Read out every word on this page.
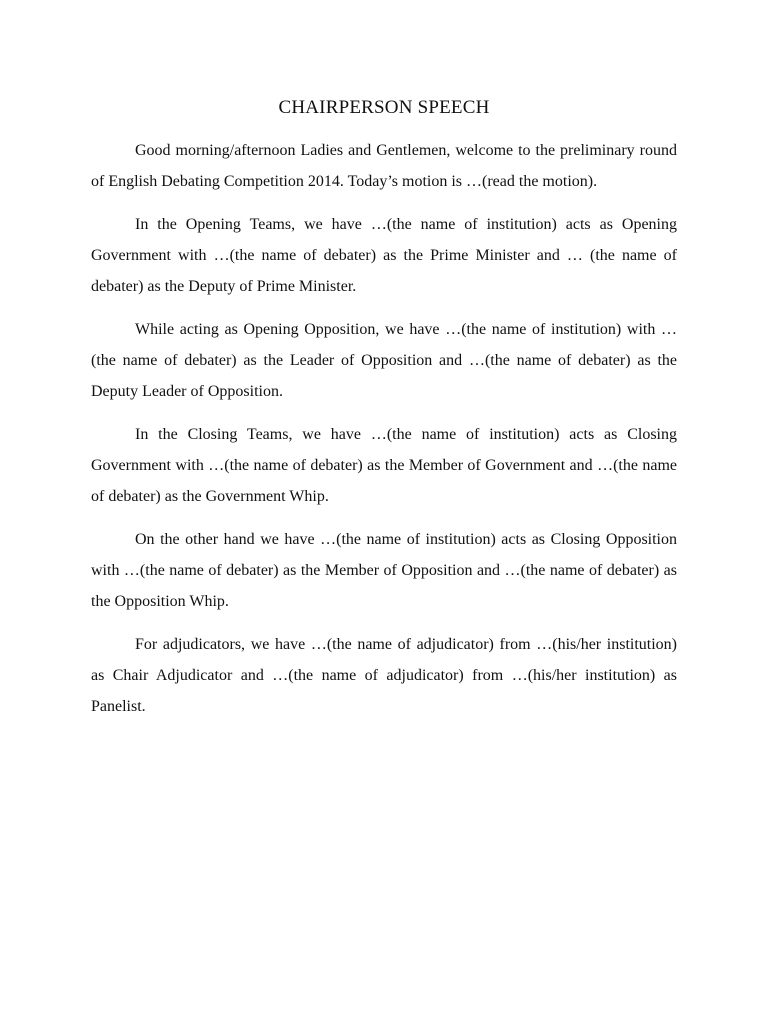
CHAIRPERSON SPEECH

Good morning/afternoon Ladies and Gentlemen, welcome to the preliminary round of English Debating Competition 2014. Today’s motion is …(read the motion).

In the Opening Teams, we have …(the name of institution) acts as Opening Government with …(the name of debater) as the Prime Minister and … (the name of debater) as the Deputy of Prime Minister.

While acting as Opening Opposition, we have …(the name of institution) with …(the name of debater) as the Leader of Opposition and …(the name of debater) as the Deputy Leader of Opposition.

In the Closing Teams, we have …(the name of institution) acts as Closing Government with …(the name of debater) as the Member of Government and …(the name of debater) as the Government Whip.

On the other hand we have …(the name of institution) acts as Closing Opposition with …(the name of debater) as the Member of Opposition and …(the name of debater) as the Opposition Whip.

For adjudicators, we have …(the name of adjudicator) from …(his/her institution) as Chair Adjudicator and …(the name of adjudicator) from …(his/her institution) as Panelist.
